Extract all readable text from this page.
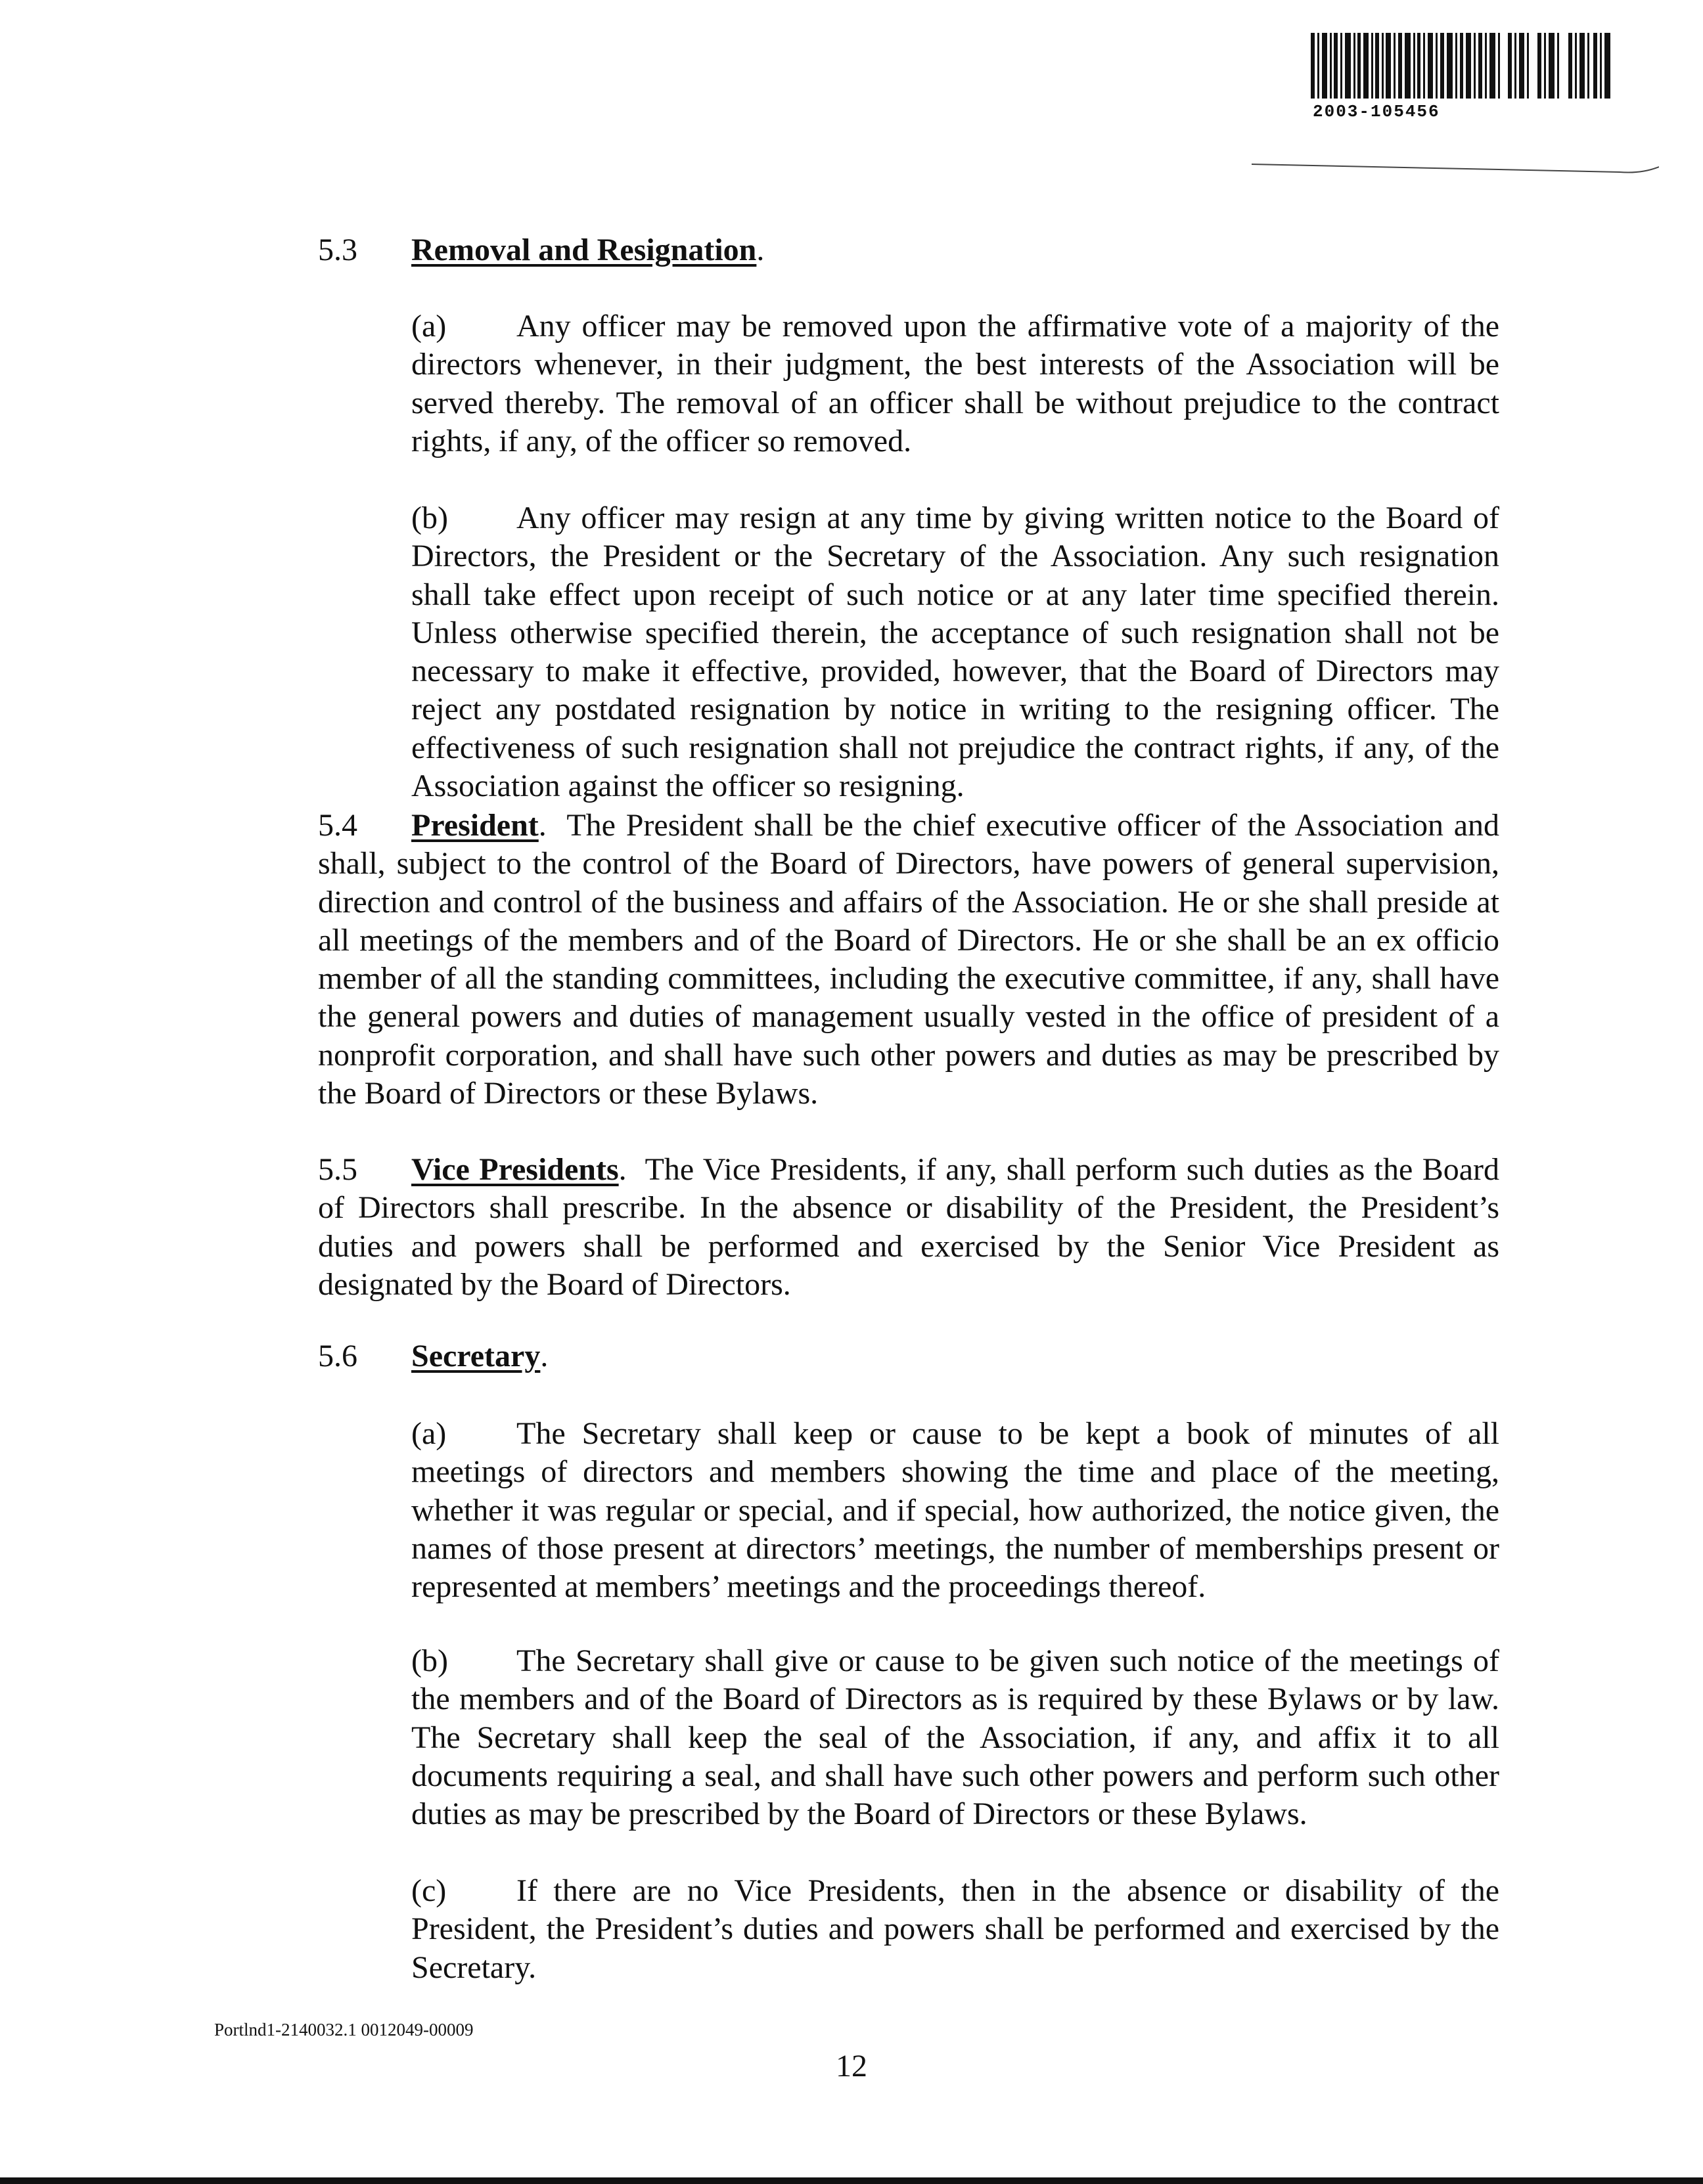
2003-105456
5.3 Removal and Resignation.

(a) Any officer may be removed upon the affirmative vote of a majority of the directors whenever, in their judgment, the best interests of the Association will be served thereby. The removal of an officer shall be without prejudice to the contract rights, if any, of the officer so removed.

(b) Any officer may resign at any time by giving written notice to the Board of Directors, the President or the Secretary of the Association. Any such resignation shall take effect upon receipt of such notice or at any later time specified therein. Unless otherwise specified therein, the acceptance of such resignation shall not be necessary to make it effective, provided, however, that the Board of Directors may reject any postdated resignation by notice in writing to the resigning officer. The effectiveness of such resignation shall not prejudice the contract rights, if any, of the Association against the officer so resigning.

5.4 President.  The President shall be the chief executive officer of the Association and shall, subject to the control of the Board of Directors, have powers of general supervision, direction and control of the business and affairs of the Association. He or she shall preside at all meetings of the members and of the Board of Directors. He or she shall be an ex officio member of all the standing committees, including the executive committee, if any, shall have the general powers and duties of management usually vested in the office of president of a nonprofit corporation, and shall have such other powers and duties as may be prescribed by the Board of Directors or these Bylaws.

5.5 Vice Presidents.  The Vice Presidents, if any, shall perform such duties as the Board of Directors shall prescribe. In the absence or disability of the President, the President’s duties and powers shall be performed and exercised by the Senior Vice President as designated by the Board of Directors.

5.6 Secretary.

(a) The Secretary shall keep or cause to be kept a book of minutes of all meetings of directors and members showing the time and place of the meeting, whether it was regular or special, and if special, how authorized, the notice given, the names of those present at directors’ meetings, the number of memberships present or represented at members’ meetings and the proceedings thereof.

(b) The Secretary shall give or cause to be given such notice of the meetings of the members and of the Board of Directors as is required by these Bylaws or by law. The Secretary shall keep the seal of the Association, if any, and affix it to all documents requiring a seal, and shall have such other powers and perform such other duties as may be prescribed by the Board of Directors or these Bylaws.

(c) If there are no Vice Presidents, then in the absence or disability of the President, the President’s duties and powers shall be performed and exercised by the Secretary.

Portlnd1-2140032.1 0012049-00009
12
